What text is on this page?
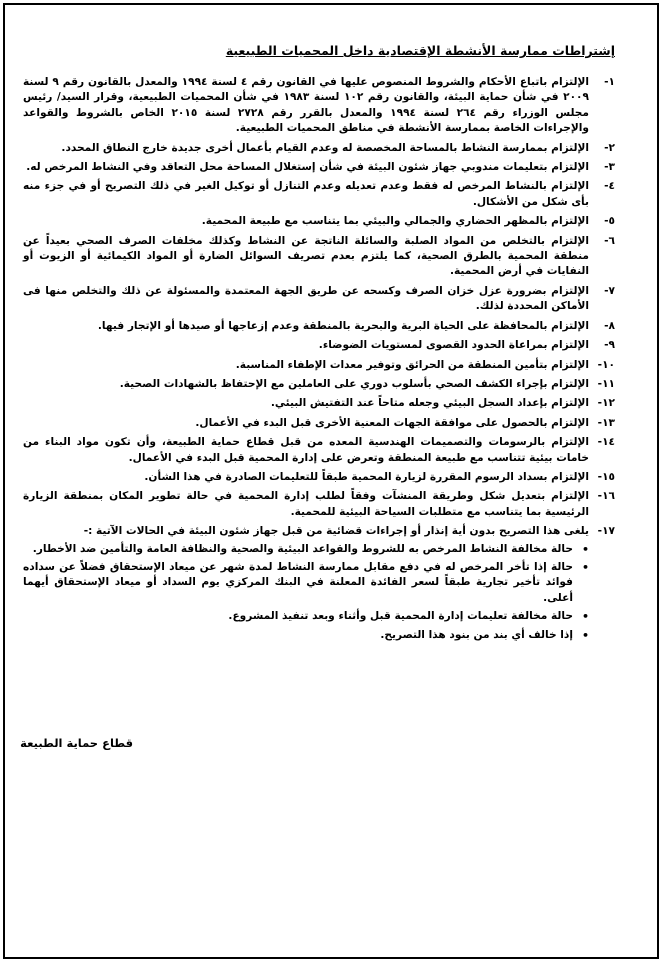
إشتراطات ممارسة الأنشطة الإقتصادية داخل المحميات الطبيعية
١-
الإلتزام باتباع الأحكام والشروط المنصوص عليها في القانون رقم ٤ لسنة ١٩٩٤ والمعدل بالقانون رقم ٩ لسنة ٢٠٠٩ في شأن حماية البيئة، والقانون رقم ١٠٢ لسنة ١٩٨٣ في شأن المحميات الطبيعية، وقرار السيد/ رئيس مجلس الوزراء رقم ٢٦٤ لسنة ١٩٩٤ والمعدل بالقرر رقم ٢٧٢٨ لسنة ٢٠١٥ الخاص بالشروط والقواعد والإجراءات الخاصة بممارسة الأنشطة في مناطق المحميات الطبيعية.
٢-
الإلتزام بممارسة النشاط بالمساحة المخصصة له وعدم القيام بأعمال أخرى جديدة خارج النطاق المحدد.
٣-
الإلتزام بتعليمات مندوبي جهاز شئون البيئة في شأن إستغلال المساحة محل التعاقد وفي النشاط المرخص له.
٤-
الإلتزام بالنشاط المرخص له فقط وعدم تعديله وعدم التنازل أو توكيل الغير في ذلك التصريح أو في جزء منه بأى شكل من الأشكال.
٥-
الإلتزام بالمظهر الحضاري والجمالي والبيئي بما يتناسب مع طبيعة المحمية.
٦-
الإلتزام بالتخلص من المواد الصلبة والسائلة الناتجة عن النشاط وكذلك مخلفات الصرف الصحي بعيداً عن منطقة المحمية بالطرق الصحية، كما يلتزم بعدم تصريف السوائل الضارة أو المواد الكيمائية أو الزيوت أو النفايات في أرض المحمية.
٧-
الإلتزام بضرورة عزل خزان الصرف وكسحه عن طريق الجهة المعتمدة والمسئولة عن ذلك والتخلص منها فى الأماكن المحددة لذلك.
٨-
الإلتزام بالمحافظة على الحياة البرية والبحرية بالمنطقة وعدم إزعاجها أو صيدها أو الإتجار فيها.
٩-
الإلتزام بمراعاة الحدود القصوى لمستويات الضوضاء.
١٠-
الإلتزام بتأمين المنطقة من الحرائق وتوفير معدات الإطفاء المناسبة.
١١-
الإلتزام بإجراء الكشف الصحي بأسلوب دوري على العاملين مع الإحتفاظ بالشهادات الصحية.
١٢-
الإلتزام بإعداد السجل البيئي وجعله متاحاً عند التفتيش البيئي.
١٣-
الإلتزام بالحصول على موافقة الجهات المعنية الأخرى قبل البدء في الأعمال.
١٤-
الإلتزام بالرسومات والتصميمات الهندسية المعده من قبل قطاع حماية الطبيعة، وأن تكون مواد البناء من خامات بيئية تتناسب مع طبيعة المنطقة وتعرض على إدارة المحمية قبل البدء في الأعمال.
١٥-
الإلتزام بسداد الرسوم المقررة لزيارة المحمية طبقاً للتعليمات الصادرة في هذا الشأن.
١٦-
الإلتزام بتعديل شكل وطريقة المنشآت وفقاً لطلب إدارة المحمية في حالة تطوير المكان بمنطقة الزيارة الرئيسية بما يتناسب مع متطلبات السياحة البيئية للمحمية.
١٧-
يلغى هذا التصريح بدون أية إنذار أو إجراءات قضائية من قبل جهاز شئون البيئة في الحالات الآتية :-
•
حالة مخالفة النشاط المرخص به للشروط والقواعد البيئية والصحية والنظافة العامة والتأمين ضد الأخطار.
•
حالة إذا تأخر المرخص له في دفع مقابل ممارسة النشاط لمدة شهر عن ميعاد الإستحقاق فضلاً عن سداده فوائد تأخير تجارية طبقاً لسعر الفائدة المعلنة في البنك المركزي يوم السداد أو ميعاد الإستحقاق أيهما أعلى.
•
حالة مخالفة تعليمات إدارة المحمية قبل وأثناء وبعد تنفيذ المشروع.
•
إذا خالف أي بند من بنود هذا التصريح.
قطاع حماية الطبيعة
